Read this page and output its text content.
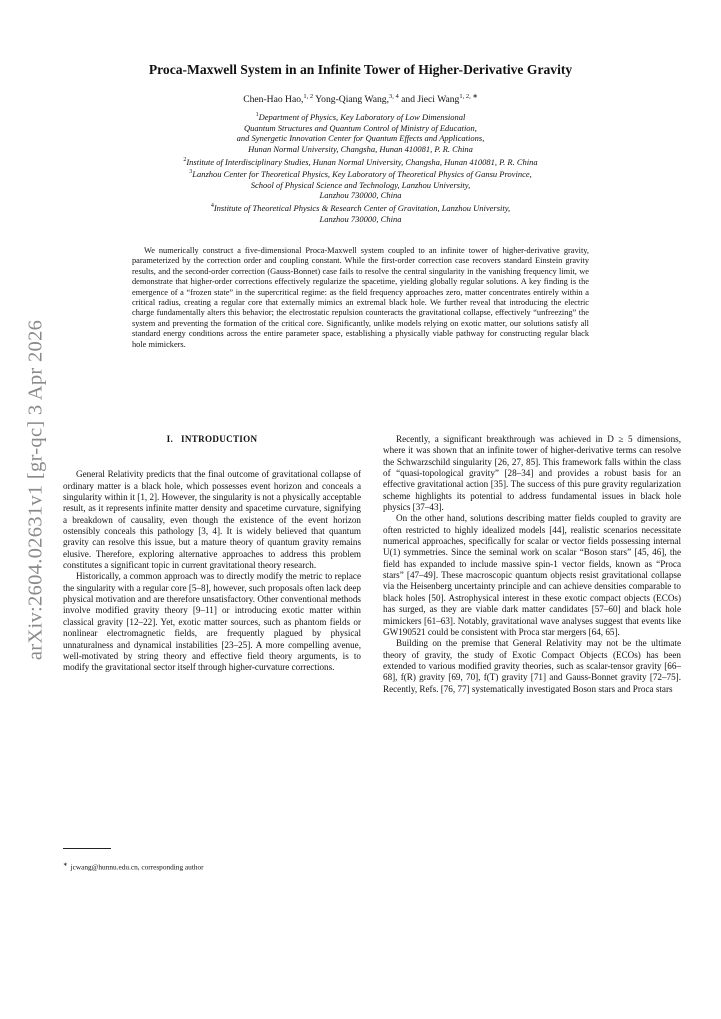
arXiv:2604.02631v1 [gr-qc] 3 Apr 2026
Proca-Maxwell System in an Infinite Tower of Higher-Derivative Gravity
Chen-Hao Hao,$^{1, 2}$ Yong-Qiang Wang,$^{3, 4}$ and Jieci Wang$^{1, 2, ∗}$

$^1$Department of Physics, Key Laboratory of Low Dimensional

Quantum Structures and Quantum Control of Ministry of Education,

and Synergetic Innovation Center for Quantum Effects and Applications,

Hunan Normal University, Changsha, Hunan 410081, P. R. China

$^2$Institute of Interdisciplinary Studies, Hunan Normal University, Changsha, Hunan 410081, P. R. China

$^3$Lanzhou Center for Theoretical Physics, Key Laboratory of Theoretical Physics of Gansu Province,

School of Physical Science and Technology, Lanzhou University,

Lanzhou 730000, China

$^4$Institute of Theoretical Physics & Research Center of Gravitation, Lanzhou University,

Lanzhou 730000, China

We numerically construct a five-dimensional Proca-Maxwell system coupled to an infinite tower of higher-derivative gravity, parameterized by the correction order and coupling constant. While the first-order correction case recovers standard Einstein gravity results, and the second-order correction (Gauss-Bonnet) case fails to resolve the central singularity in the vanishing frequency limit, we demonstrate that higher-order corrections effectively regularize the spacetime, yielding globally regular solutions. A key finding is the emergence of a “frozen state” in the supercritical regime: as the field frequency approaches zero, matter concentrates entirely within a critical radius, creating a regular core that externally mimics an extremal black hole. We further reveal that introducing the electric charge fundamentally alters this behavior; the electrostatic repulsion counteracts the gravitational collapse, effectively “unfreezing” the system and preventing the formation of the critical core. Significantly, unlike models relying on exotic matter, our solutions satisfy all standard energy conditions across the entire parameter space, establishing a physically viable pathway for constructing regular black hole mimickers.

I. INTRODUCTION

General Relativity predicts that the final outcome of gravitational collapse of ordinary matter is a black hole, which possesses event horizon and conceals a singularity within it [1, 2]. However, the singularity is not a physically acceptable result, as it represents infinite matter density and spacetime curvature, signifying a breakdown of causality, even though the existence of the event horizon ostensibly conceals this pathology [3, 4]. It is widely believed that quantum gravity can resolve this issue, but a mature theory of quantum gravity remains elusive. Therefore, exploring alternative approaches to address this problem constitutes a significant topic in current gravitational theory research.

Historically, a common approach was to directly modify the metric to replace the singularity with a regular core [5–8], however, such proposals often lack deep physical motivation and are therefore unsatisfactory. Other conventional methods involve modified gravity theory [9–11] or introducing exotic matter within classical gravity [12–22]. Yet, exotic matter sources, such as phantom fields or nonlinear electromagnetic fields, are frequently plagued by physical unnaturalness and dynamical instabilities [23–25]. A more compelling avenue, well-motivated by string theory and effective field theory arguments, is to modify the gravitational sector itself through higher-curvature corrections.

Recently, a significant breakthrough was achieved in D ≥ 5 dimensions, where it was shown that an infinite tower of higher-derivative terms can resolve the Schwarzschild singularity [26, 27, 85]. This framework falls within the class of “quasi-topological gravity” [28–34] and provides a robust basis for an effective gravitational action [35]. The success of this pure gravity regularization scheme highlights its potential to address fundamental issues in black hole physics [37–43].

On the other hand, solutions describing matter fields coupled to gravity are often restricted to highly idealized models [44], realistic scenarios necessitate numerical approaches, specifically for scalar or vector fields possessing internal U(1) symmetries. Since the seminal work on scalar “Boson stars” [45, 46], the field has expanded to include massive spin-1 vector fields, known as “Proca stars” [47–49]. These macroscopic quantum objects resist gravitational collapse via the Heisenberg uncertainty principle and can achieve densities comparable to black holes [50]. Astrophysical interest in these exotic compact objects (ECOs) has surged, as they are viable dark matter candidates [57–60] and black hole mimickers [61–63]. Notably, gravitational wave analyses suggest that events like GW190521 could be consistent with Proca star mergers [64, 65].

Building on the premise that General Relativity may not be the ultimate theory of gravity, the study of Exotic Compact Objects (ECOs) has been extended to various modified gravity theories, such as scalar-tensor gravity [66–68], f(R) gravity [69, 70], f(T) gravity [71] and Gauss-Bonnet gravity [72–75]. Recently, Refs. [76, 77] systematically investigated Boson stars and Proca stars

∗ jcwang@hunnu.edu.cn, corresponding author
